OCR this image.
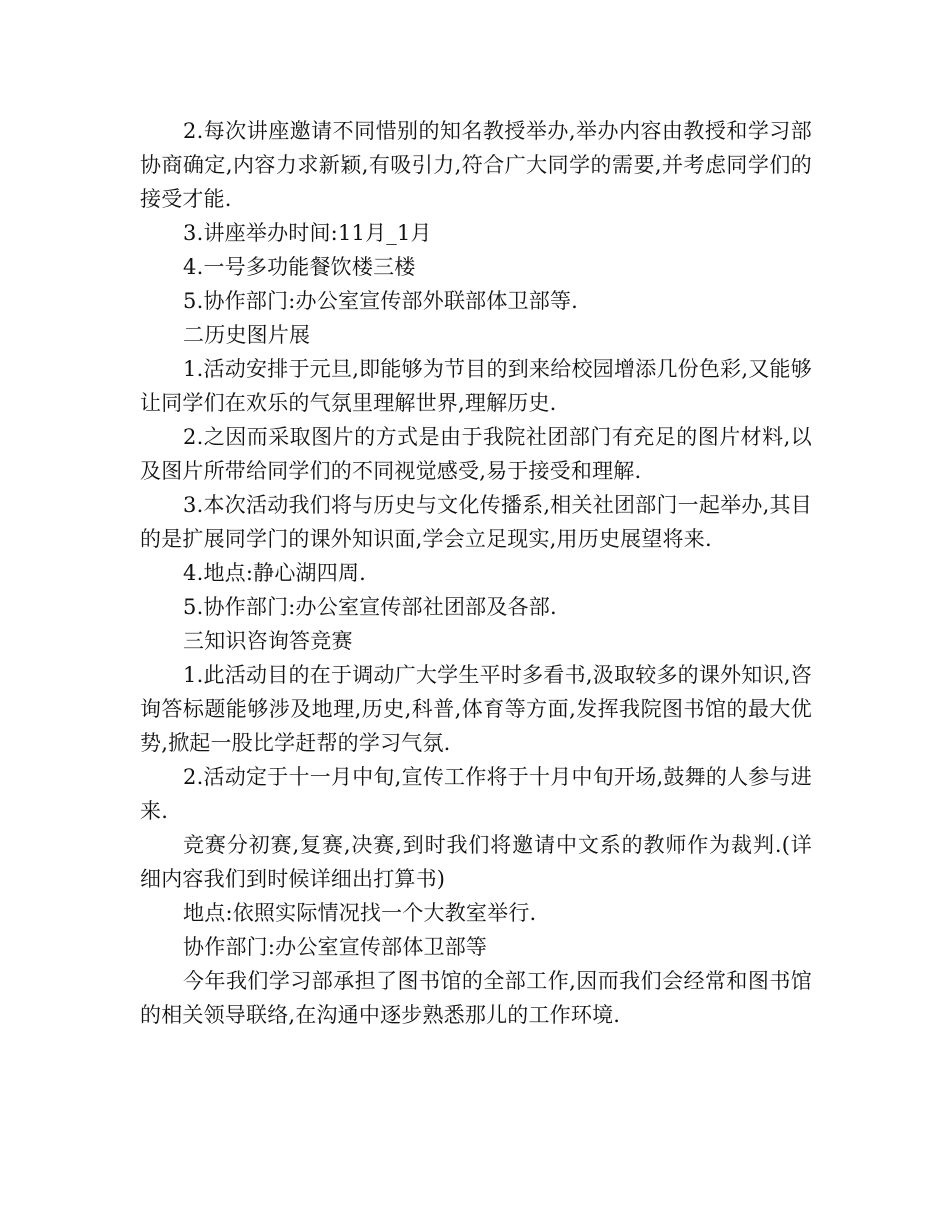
2.每次讲座邀请不同惜别的知名教授举办,举办内容由教授和学习部协商确定,内容力求新颖,有吸引力,符合广大同学的需要,并考虑同学们的接受才能.

3.讲座举办时间:11月_1月

4.一号多功能餐饮楼三楼

5.协作部门:办公室宣传部外联部体卫部等.

二历史图片展

1.活动安排于元旦,即能够为节目的到来给校园增添几份色彩,又能够让同学们在欢乐的气氛里理解世界,理解历史.

2.之因而采取图片的方式是由于我院社团部门有充足的图片材料,以及图片所带给同学们的不同视觉感受,易于接受和理解.

3.本次活动我们将与历史与文化传播系,相关社团部门一起举办,其目的是扩展同学门的课外知识面,学会立足现实,用历史展望将来.

4.地点:静心湖四周.

5.协作部门:办公室宣传部社团部及各部.

三知识咨询答竞赛

1.此活动目的在于调动广大学生平时多看书,汲取较多的课外知识,咨询答标题能够涉及地理,历史,科普,体育等方面,发挥我院图书馆的最大优势,掀起一股比学赶帮的学习气氛.

2.活动定于十一月中旬,宣传工作将于十月中旬开场,鼓舞的人参与进来.

竞赛分初赛,复赛,决赛,到时我们将邀请中文系的教师作为裁判.(详细内容我们到时候详细出打算书)

地点:依照实际情况找一个大教室举行.

协作部门:办公室宣传部体卫部等

今年我们学习部承担了图书馆的全部工作,因而我们会经常和图书馆的相关领导联络,在沟通中逐步熟悉那儿的工作环境.
